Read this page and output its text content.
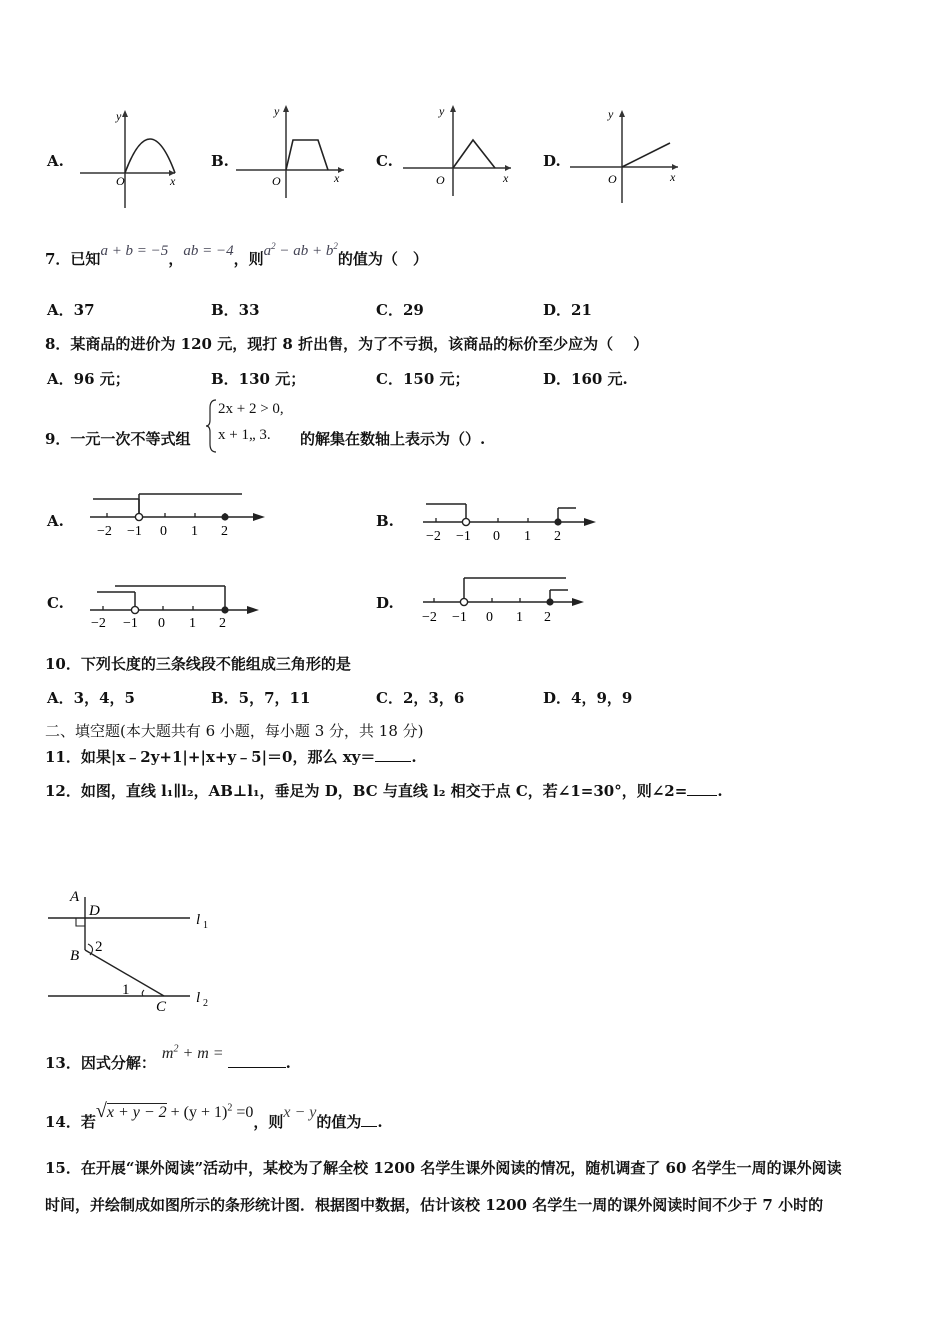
A.
y
O	x
B.
y
O	x
C.
y
O	x
D.
y
O	x
7．已知a + b = −5，ab = −4，则$a^2$ − ab + $b^2$的值为（　）
A．37	B．33	C．29	D．21
8．某商品的进价为 120 元，现打 8 折出售，为了不亏损，该商品的标价至少应为（　 ）
A．96 元；	B．130 元；	C．150 元；	D．160 元.
9．一元一次不等式组
2x + 2 > 0,
x + 1„ 3. 的解集在数轴上表示为（）.
A.
−2 −1 0 1 2
B.
−2 −1 0 1 2
C.
−2 −1 0 1 2
D.
−2 −1 0 1 2
10．下列长度的三条线段不能组成三角形的是
A．3，4，5	B．5，7，11	C．2，3，6	D．4，9，9
二、填空题(本大题共有 6 小题，每小题 3 分，共 18 分)
11．如果|x﹣2y+1|+|x+y﹣5|＝0，那么 xy＝ .
12．如图，直线 l₁∥l₂，AB⊥l₁，垂足为 D，BC 与直线 l₂ 相交于点 C，若∠1=30°，则∠2= .
A
D
B
C
2
1
l 1
l 2
13．因式分解：$m^2 + m$ =.
14．若$√x + y - 2 + (y + 1)^2 =0$，则x − y的值为 .
15．在开展“课外阅读”活动中，某校为了解全校 1200 名学生课外阅读的情况，随机调查了 60 名学生一周的课外阅读
时间，并绘制成如图所示的条形统计图．根据图中数据，估计该校 1200 名学生一周的课外阅读时间不少于 7 小时的
